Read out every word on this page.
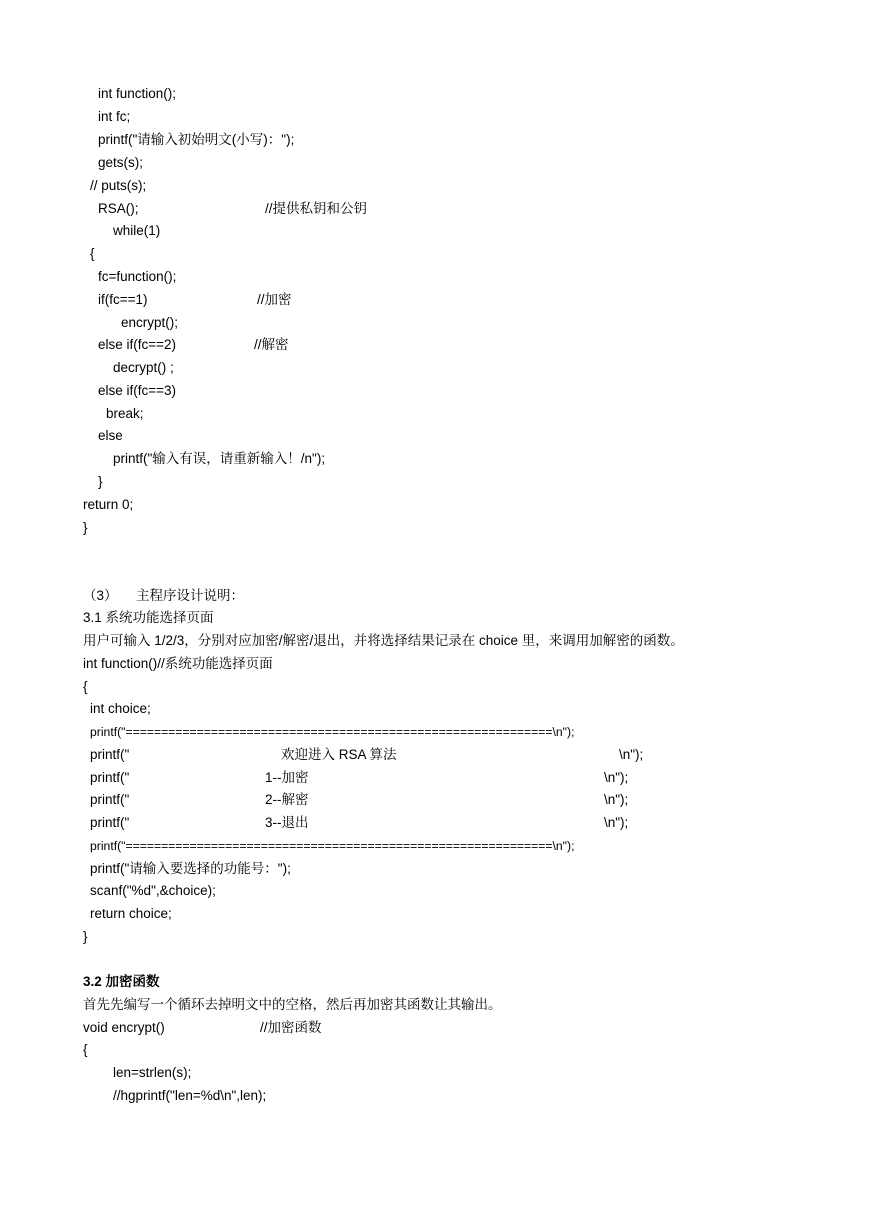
int function();
int fc;
printf("请输入初始明文(小写)：");
gets(s);
// puts(s);
RSA();	//提供私钥和公钥
while(1)
{
fc=function();
if(fc==1)	//加密
encrypt();
else if(fc==2)	//解密
decrypt() ;
else if(fc==3)
break;
else
printf("输入有误，请重新输入！/n");
}
return 0;
}
（3） 主程序设计说明：
3.1 系统功能选择页面
用户可输入 1/2/3，分别对应加密/解密/退出，并将选择结果记录在 choice 里，来调用加解密的函数。
int function()//系统功能选择页面
{
int choice;
printf("============================================================\n");
printf("	欢迎进入 RSA 算法	\n");
printf("	1--加密	\n");
printf("	2--解密	\n");
printf("	3--退出	\n");
printf("============================================================\n");
printf("请输入要选择的功能号：");
scanf("%d",&choice);
return choice;
}
3.2 加密函数
首先先编写一个循环去掉明文中的空格，然后再加密其函数让其输出。
void encrypt()	//加密函数
{
len=strlen(s);
//hgprintf("len=%d\n",len);
